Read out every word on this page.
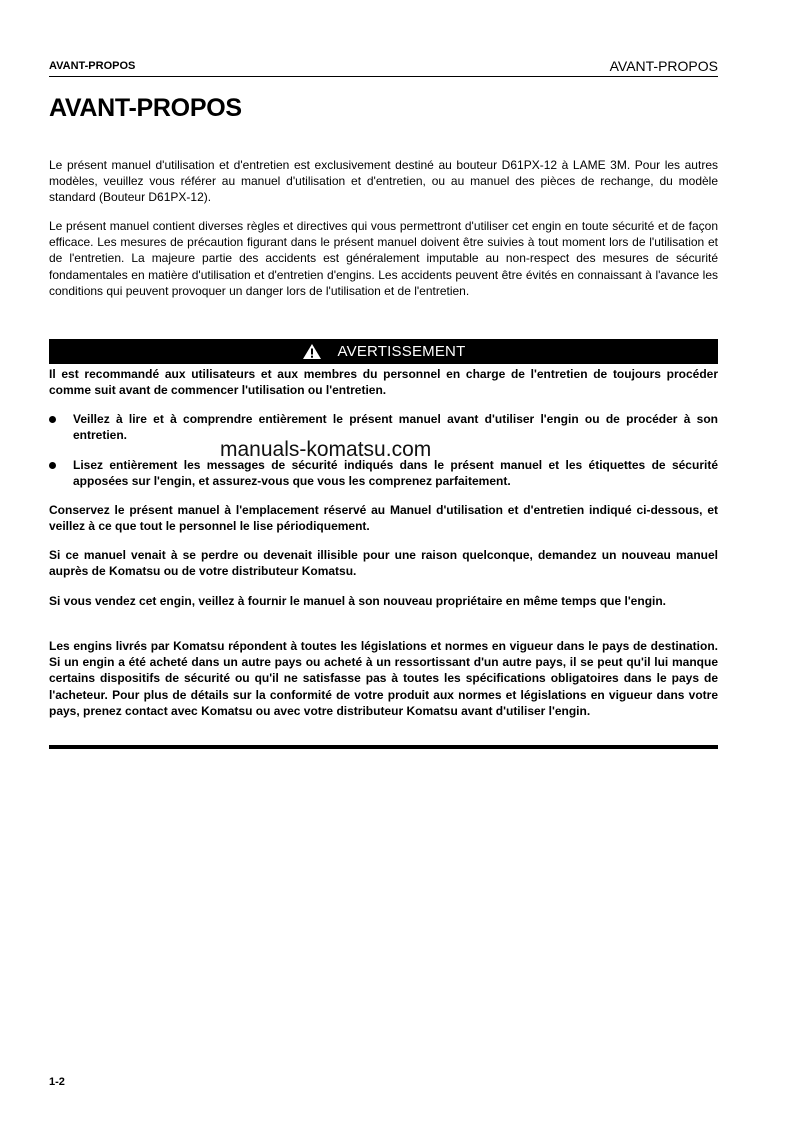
AVANT-PROPOS	AVANT-PROPOS
AVANT-PROPOS

Le présent manuel d'utilisation et d'entretien est exclusivement destiné au bouteur D61PX-12 à LAME 3M. Pour les autres modèles, veuillez vous référer au manuel d'utilisation et d'entretien, ou au manuel des pièces de rechange, du modèle standard (Bouteur D61PX-12).

Le présent manuel contient diverses règles et directives qui vous permettront d'utiliser cet engin en toute sécurité et de façon efficace. Les mesures de précaution figurant dans le présent manuel doivent être suivies à tout moment lors de l'utilisation et de l'entretien. La majeure partie des accidents est généralement imputable au non-respect des mesures de sécurité fondamentales en matière d'utilisation et d'entretien d'engins. Les accidents peuvent être évités en connaissant à l'avance les conditions qui peuvent provoquer un danger lors de l'utilisation et de l'entretien.

AVERTISSEMENT

Il est recommandé aux utilisateurs et aux membres du personnel en charge de l'entretien de toujours procéder comme suit avant de commencer l'utilisation ou l'entretien.

Veillez à lire et à comprendre entièrement le présent manuel avant d'utiliser l'engin ou de procéder à son entretien.

manuals-komatsu.com

Lisez entièrement les messages de sécurité indiqués dans le présent manuel et les étiquettes de sécurité apposées sur l'engin, et assurez-vous que vous les comprenez parfaitement.

Conservez le présent manuel à l'emplacement réservé au Manuel d'utilisation et d'entretien indiqué ci-dessous, et veillez à ce que tout le personnel le lise périodiquement.

Si ce manuel venait à se perdre ou devenait illisible pour une raison quelconque, demandez un nouveau manuel auprès de Komatsu ou de votre distributeur Komatsu.

Si vous vendez cet engin, veillez à fournir le manuel à son nouveau propriétaire en même temps que l'engin.

Les engins livrés par Komatsu répondent à toutes les législations et normes en vigueur dans le pays de destination. Si un engin a été acheté dans un autre pays ou acheté à un ressortissant d'un autre pays, il se peut qu'il lui manque certains dispositifs de sécurité ou qu'il ne satisfasse pas à toutes les spécifications obligatoires dans le pays de l'acheteur. Pour plus de détails sur la conformité de votre produit aux normes et législations en vigueur dans votre pays, prenez contact avec Komatsu ou avec votre distributeur Komatsu avant d'utiliser l'engin.

1-2
